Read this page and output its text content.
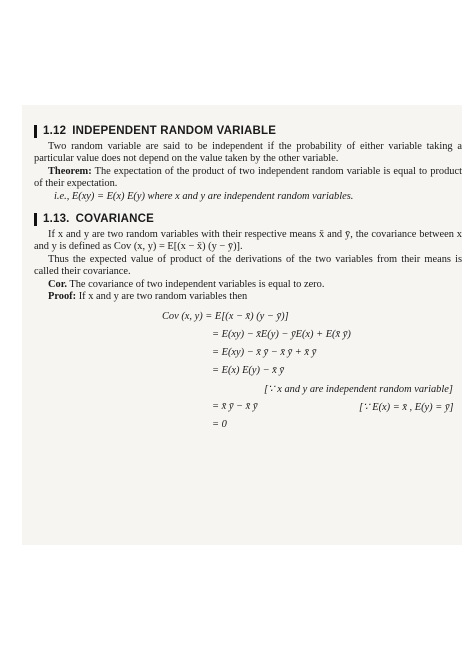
1.12 INDEPENDENT RANDOM VARIABLE

Two random variable are said to be independent if the probability of either variable taking a particular value does not depend on the value taken by the other variable.

Theorem: The expectation of the product of two independent random variable is equal to product of their expectation.

i.e., E(xy) = E(x) E(y) where x and y are independent random variables.

1.13. COVARIANCE

If x and y are two random variables with their respective means x̄ and ȳ, the covariance between x and y is defined as Cov (x, y) = E[(x − x̄) (y − ȳ)].

Thus the expected value of product of the derivations of the two variables from their means is called their covariance.

Cor. The covariance of two independent variables is equal to zero.

Proof: If x and y are two random variables then

Cov (x, y) = E[(x − x̄) (y − ȳ)]
= E(xy) − x̄E(y) − ȳE(x) + E(x̄ ȳ)
= E(xy) − x̄ ȳ − x̄ ȳ + x̄ ȳ
= E(x) E(y) − x̄ ȳ
[∵ x and y are independent random variable]
= x̄ ȳ − x̄ ȳ	[∵ E(x) = x̄ , E(y) = ȳ]
= 0
